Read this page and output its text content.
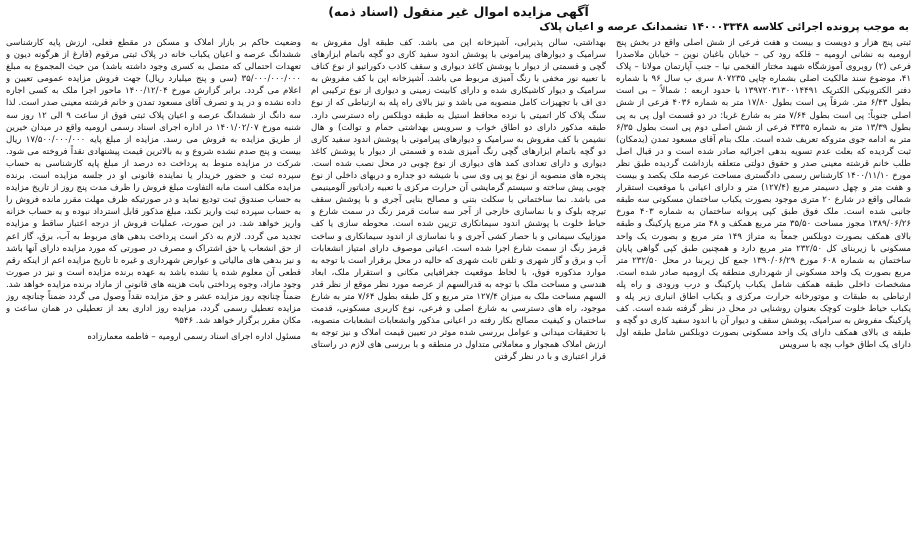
آگهی مزایده اموال غیر منقول (اسناد ذمه)
به موجب پرونده اجرائی کلاسه ۱۴۰۰۰۳۳۴۸ تشمدانک عرصه و اعیان پلاک

ثبتی پنج هزار و دویست و بیست و هفت فرعی از شش اصلی واقع در بخش پنج ارومیه به نشانی ارومیه – قلکه رود کی – خیابان باغبان نوین – خیابان ملاصدرا فرعی (۲) روبروی آموزشگاه شهید مختار الفخمی نیا – جنب آپارتمان مولانا – پلاک ۴۱، موضوع سند مالکیت اصلی بشماره چاپی ۸۰۷۲۳۵ سری ب سال ۹۶ با شماره دفتر الکترونیکی الکتریک ۱۳۹۷۲۰۳۱۳۰۰۱۴۴۹۱ با حدود اربعه : شمالاً – بی است بطول ۶/۴۳ متر. شرقاً پی است بطول ۱۷/۸۰ متر به شماره ۴۰۳۶ فرعی از شش اصلی جنوباً: پی است بطول ۷/۶۴ متر به شارع غربا: در دو قسمت اول پی به پی بطول ۱۳/۳۹ متر به شماره ۴۳۳۵ فرعی از شش اصلی دوم پی است بطول ۶/۳۵ متر به ادامه جوی متروکه تعریف شده است. ملک بنام آقای مسعود تمدن (یدمکان) ثبت گردیده که بعلت عدم تسویه بدهی اجرائیه صادر شده است و در قبال اصل طلب خانم قرشته معینی صدر و حقوق دولتی متعلقه بازداشت گردیده طبق نظر مورخ ۱۴۰۰/۱۱/۱۰ کارشناس رسمی دادگستری مساحت عرصه ملک یکصد و بیست و هفت متر و چهل دسیمتر مربع (۱۲۷/۴) متر و دارای اعیانی با موقعیت استقرار شمالی واقع در شارع ۲۰ متری موجود بصورت یکباب ساختمان مسکونی سه طبقه جانبی شده است. ملک فوق طبق کپی پروانه ساختمان به شماره ۴۰۳ مورخ ۱۳۸۹/۰۶/۲۶ مجوز مساحت ۳۵/۵۰ متر مربع همکف و ۴۸ متر مربع پارکینگ و طبقه بالای همکف بصورت دوبلکس جمعاً به متراژ ۱۴۹ متر مربع و بصورت یک واحد مسکونی با زیربنای کل ۲۳۲/۵۰ متر مربع دارد و همچنین طبق کپی گواهی پایان ساختمان به شماره ۶۰۸ مورخ ۱۳۹۰/۰۶/۲۹ جمع کل زیربنا در محل ۲۳۲/۵۰ متر مربع بصورت یک واحد مسکونی از شهرداری منطقه یک ارومیه صادر شده است. مشخصات داخلی طبقه همکف شامل یکباب پارکینگ و درب ورودی و راه پله ارتباطی به طبقات و موتورخانه حرارت مرکزی و یکباب اطاق انباری زیر پله و یکباب حیاط خلوت کوچک بعنوان روشنایی در محل در نظر گرفته شده است. کف پارکینگ مفروش به سرامیک، پوشش سقف و دیوار آن با اندود سفید کاری دو گچه و طبقه ی بالای همکف دارای یک واحد مسکونی بصورت دوبلکس شامل طبقه اول دارای یک اطاق خواب بچه با سرویس

بهداشتی، سالن پذیرایی، آشپزخانه اپن می باشد. کف طبقه اول مفروش به سرامیک و دیوارهای پیرامونی با پوشش اندود سفید کاری دو گچه باتمام ابزارهای گچی و قسمتی از دیوار با پوشش کاغذ دیواری و سقف کاذب دکوراتیو از نوع کناف با تعبیه نور مخفی با رنگ آمیزی مربوط می باشد. آشپزخانه اپن با کف مفروش به سرامیک و دیوار کاشیکاری شده و دارای کابینت زمینی و دیواری از نوع ترکیبی ام دی اف با تجهیزات کامل منصوبه می باشد و نیز بالای راه پله به ارتباطی که از نوع سنگ پلاک کار اتمیتی با نرده محافظ استیل به طبقه دوبلکس راه دسترسی دارد. طبقه مذکور دارای دو اطاق خواب و سرویس بهداشتی حمام و توالت) و هال نشیمن با کف مفروش به سرامیک و دیوارهای پیرامونی با پوشش اندود سفید کاری دو گچه باتمام ابزارهای گچی رنگ آمیزی شده و قسمتی از دیوار با پوشش کاغذ دیواری و دارای تعدادی کمد های دیواری از نوع چوبی در محل نصب شده است. پنجره های منصوبه از نوع یو پی وی سی با شیشه دو جداره و دربهای داخلی از نوع چوبی پیش ساخته و سیستم گرمایشی آن حرارت مرکزی با تعبیه رادیاتور آلومینیمی می باشد. نما ساختمانی با سکلت بتنی و مصالح بنایی آجری و با پوشش سقف تیرچه بلوک و با نماسازی خارجی از آجر سه سانت قرمز رنگ در سمت شارع و حیاط خلوت با پوشش اندود سیمانکاری تزیین شده است. محوطه سازی یا کف موزاییک سیمانی و با حصار کشی آجری و با نماسازی از اندود سیمانکاری و ساخت قرمز رنگ از سمت شارع اجرا شده است. اعیانی موصوف دارای امتیاز انشعابات آب و برق و گاز شهری و تلفن ثابت شهری که حالیه در محل برقرار است با توجه به موارد مذکوره فوق، با لحاظ موقعیت جغرافیایی مکانی و استقرار ملک، ابعاد هندسی و مساحت ملک با توجه به قدرالسهم از عرصه مورد نظر موقع از نظر قدر السهم مساحت ملک به میزان ۱۲۷/۴ متر مربع و کل طبقه بطول ۷/۶۴ متر به شارع موجود، راه های دسترسی به شارع اصلی و فرعی، نوع کاربری مسکونی، قدمت ساختمان و کیفیت مصالح بکار رفته در اعیانی مذکور وانشعابات انشعابات منصوبه، با تحقیقات میدانی و عوامل بررسی شده موثر در تعیین قیمت املاک و نیز توجه به ارزش املاک همجوار و معاملاتی متداول در منطقه و با بررسی های لازم در راستای قرار اعتباری و با در نظر گرفتن

وضعیت حاکم بر بازار املاک و مسکن در مقطع فعلی، ارزش پایه کارشناسی ششدانگ عرصه و اعیان یکباب خانه در پلاک ثبتی مرقوم (فارغ از هرگونه دیون و تعهدات احتمالی که متصل به کسری وجود داشته باشد) من حیث المجموع به مبلغ ۳۵/۰۰۰/۰۰۰/۰۰۰ (سی و پنج میلیارد ریال) جهت فروش مزایده عمومی تعیین و اعلام می گردد. برابر گزارش مورخ ۱۴۰۰/۱۲/۰۴ ماحور اجرا ملک به کسی اجاره داده نشده و در ید و تصرف آقای مسعود تمدن و خانم قرشته معینی صدر است. لذا سه دانگ از ششدانگ عرصه و اعیان پلاک ثبتی فوق از ساعت ۹ الی ۱۲ روز سه شنبه مورخ ۱۴۰۱/۰۲/۰۷ در اداره اجرای اسناد رسمی ارومیه واقع در میدان خیرین از طریق مزایده به فروش می رسد. مزایده از مبلغ پایه ۱۷/۵۰۰/۰۰۰/۰۰۰ ریال بیست و پنج صدم نشده شروع و به بالاترین قیمت پیشنهادی نقداً فروخته می شود. شرکت در مزایده منوط به پرداخت ده درصد از مبلغ پایه کارشناسی به حساب سپرده ثبت و حضور خریدار یا نماینده قانونی او در جلسه مزایده است. برنده مزایده مکلف است مابه التفاوت مبلغ فروش را ظرف مدت پنج روز از تاریخ مزایده به حساب صندوق ثبت تودیع نماید و در صورتیکه ظرف مهلت مقرر مانده فروش را به حساب سپرده ثبت واریز نکند، مبلغ مذکور قابل استرداد نبوده و به حساب خزانه واریز خواهد شد. در این صورت، عملیات فروش از درجه اعتبار ساقط و مزایده تجدید می گردد. لازم به ذکر است پرداخت بدهی های مربوط به آب، برق، گاز اعم از حق انشعاب یا حق اشتراک و مصرف در صورتی که مورد مزایده دارای آنها باشد و نیز بدهی های مالیاتی و عوارض شهرداری و غیره تا تاریخ مزایده اعم از اینکه رقم قطعی آن معلوم شده یا نشده باشد به عهده برنده مزایده است و نیز در صورت وجود مازاد، وجوه پرداختی بابت هزینه های قانونی از مازاد برنده مزایده خواهد شد. ضمناً چنانچه روز مزایده عشر و حق مزایده نقداً وصول می گردد ضمناً چنانچه روز مزایده تعطیل رسمی گردد، مزایده روز اداری بعد از تعطیلی در همان ساعت و مکان مقرر برگزار خواهد شد. ۹۵۴۶

مسئول اداره اجرای اسناد رسمی ارومیه – فاطمه معمارزاده
